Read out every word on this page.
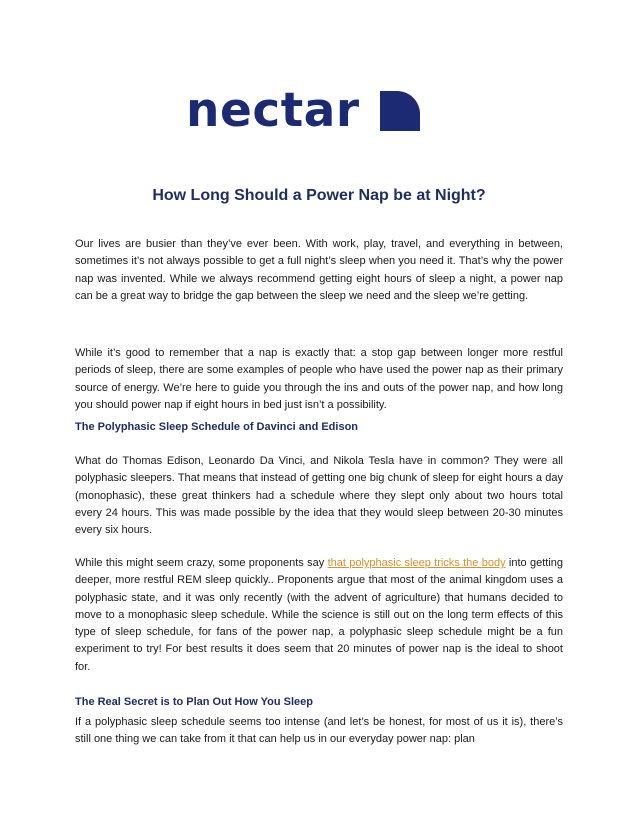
nectar
How Long Should a Power Nap be at Night?

Our lives are busier than they’ve ever been. With work, play, travel, and everything in between, sometimes it’s not always possible to get a full night’s sleep when you need it. That’s why the power nap was invented. While we always recommend getting eight hours of sleep a night, a power nap can be a great way to bridge the gap between the sleep we need and the sleep we’re getting.

While it’s good to remember that a nap is exactly that: a stop gap between longer more restful periods of sleep, there are some examples of people who have used the power nap as their primary source of energy. We’re here to guide you through the ins and outs of the power nap, and how long you should power nap if eight hours in bed just isn’t a possibility.

The Polyphasic Sleep Schedule of Davinci and Edison

What do Thomas Edison, Leonardo Da Vinci, and Nikola Tesla have in common? They were all polyphasic sleepers. That means that instead of getting one big chunk of sleep for eight hours a day (monophasic), these great thinkers had a schedule where they slept only about two hours total every 24 hours. This was made possible by the idea that they would sleep between 20-30 minutes every six hours.

While this might seem crazy, some proponents say that polyphasic sleep tricks the body into getting deeper, more restful REM sleep quickly.. Proponents argue that most of the animal kingdom uses a polyphasic state, and it was only recently (with the advent of agriculture) that humans decided to move to a monophasic sleep schedule. While the science is still out on the long term effects of this type of sleep schedule, for fans of the power nap, a polyphasic sleep schedule might be a fun experiment to try! For best results it does seem that 20 minutes of power nap is the ideal to shoot for.

The Real Secret is to Plan Out How You Sleep

If a polyphasic sleep schedule seems too intense (and let’s be honest, for most of us it is), there’s still one thing we can take from it that can help us in our everyday power nap: plan
